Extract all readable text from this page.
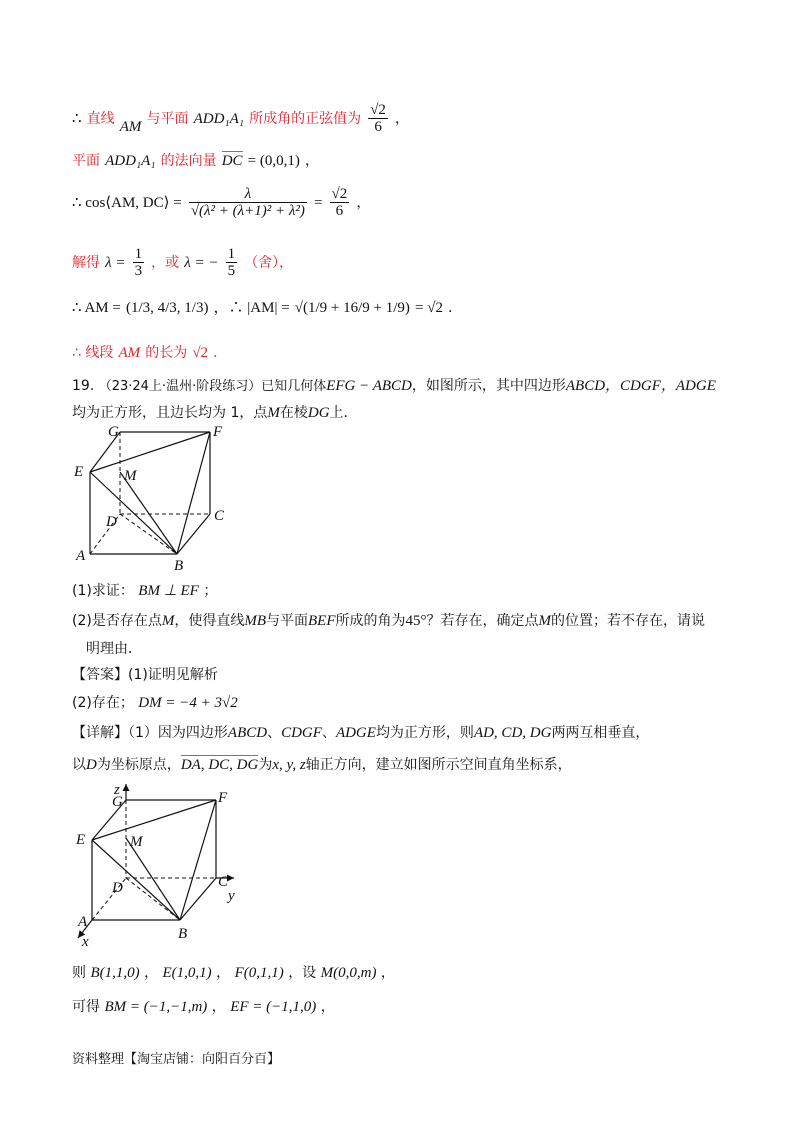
∴ 直线 AM 与平面 ADD₁A₁ 所成角的正弦值为 $\frac{√2}{6}$ ，
平面 ADD₁A₁ 的法向量 DC = (0,0,1) ，
∴ cos⟨AM, DC⟩ = $\frac{\lambda}{\text{√(λ² + (λ+1)² + λ²)}} = \frac{√2}{6}$ ，
解得 $\lambda = \frac{1}{3}$ ，或 λ = − $\frac{1}{5}$ （舍），
∴ AM = (1/3, 4/3, 1/3) ，∴ |AM| = √(1/9 + 16/9 + 1/9) = √2 ．
∴ 线段 AM 的长为 √2 ．
19. （23·24上·温州·阶段练习）已知几何体EFG − ABCD，如图所示，其中四边形ABCD，CDGF，ADGE
均为正方形，且边长均为 1，点M在棱DG上．
G	F
E	M
D	C
A
B
(1)求证： BM ⊥ EF ；
(2)是否存在点M，使得直线MB与平面BEF所成的角为45°？若存在，确定点M的位置；若不存在，请说
明理由．
【答案】(1)证明见解析
(2)存在； DM = −4 + 3√2
【详解】（1）因为四边形ABCD、CDGF、ADGE均为正方形，则AD, CD, DG两两互相垂直，
以D为坐标原点，DA, DC, DG为x, y, z轴正方向，建立如图所示空间直角坐标系，
z
G	F
E	M
D	C
y
A
B
x
则 B(1,1,0) ， E(1,0,1) ， F(0,1,1) ，设 M(0,0,m) ，
可得 BM = (−1,−1,m) ， EF = (−1,1,0) ，
资料整理【淘宝店铺：向阳百分百】
